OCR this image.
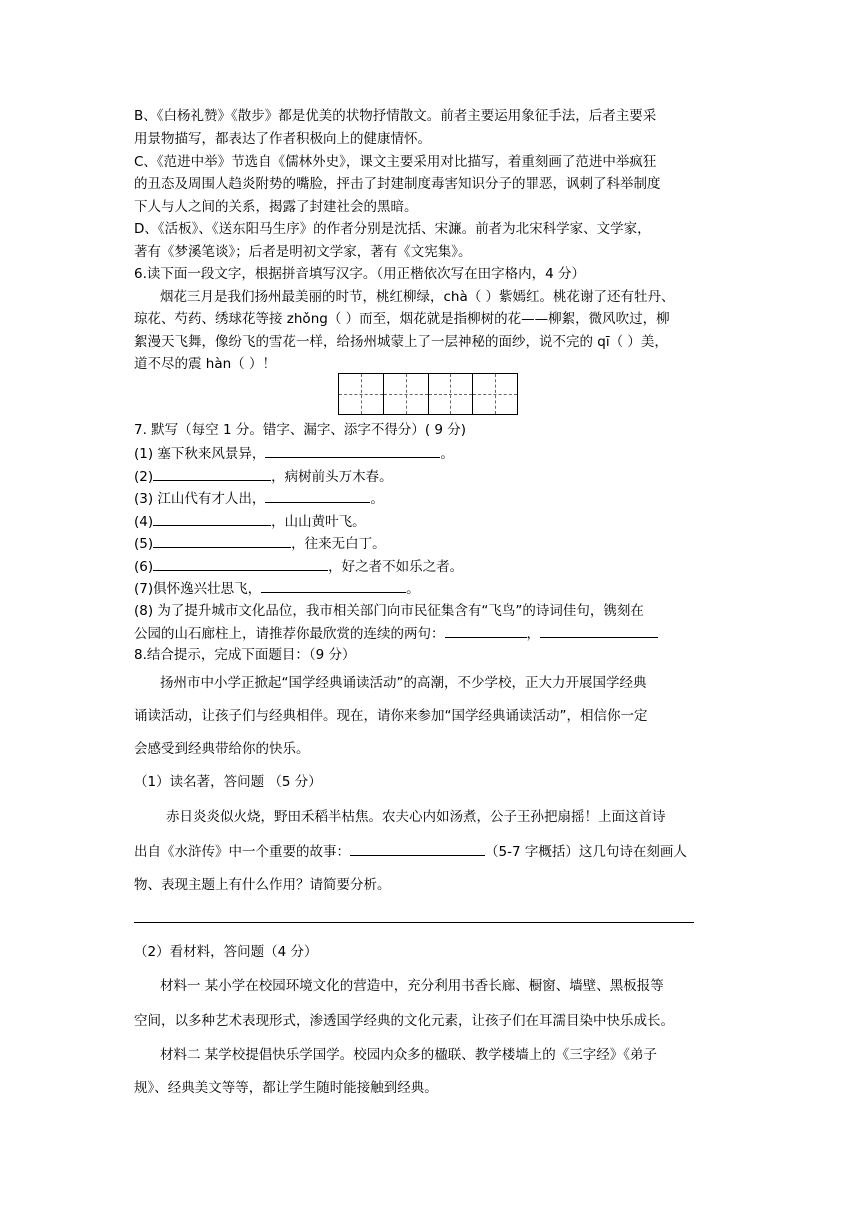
B、《白杨礼赞》《散步》都是优美的状物抒情散文。前者主要运用象征手法，后者主要采
用景物描写，都表达了作者积极向上的健康情怀。
C、《范进中举》节选自《儒林外史》，课文主要采用对比描写，着重刻画了范进中举疯狂
的丑态及周围人趋炎附势的嘴脸，抨击了封建制度毒害知识分子的罪恶，讽刺了科举制度
下人与人之间的关系，揭露了封建社会的黑暗。
D、《活板》、《送东阳马生序》的作者分别是沈括、宋濂。前者为北宋科学家、文学家，
著有《梦溪笔谈》；后者是明初文学家，著有《文宪集》。
6.读下面一段文字，根据拼音填写汉字。（用正楷依次写在田字格内，4 分）
烟花三月是我们扬州最美丽的时节，桃红柳绿，chà（ ）紫嫣红。桃花谢了还有牡丹、
琼花、芍药、绣球花等接 zhǒng（ ）而至，烟花就是指柳树的花——柳絮，微风吹过，柳
絮漫天飞舞，像纷飞的雪花一样，给扬州城蒙上了一层神秘的面纱，说不完的 qī（ ）美，
道不尽的震 hàn（ ）！
7. 默写（每空 1 分。错字、漏字、添字不得分）( 9 分)
(1) 塞下秋来风景异，	。
(2)	，病树前头万木春。
(3) 江山代有才人出，	。
(4)	，山山黄叶飞。
(5)	，往来无白丁。
(6)	，好之者不如乐之者。
(7)俱怀逸兴壮思飞，	。
(8) 为了提升城市文化品位，我市相关部门向市民征集含有“飞鸟”的诗词佳句，镌刻在
公园的山石廊柱上，请推荐你最欣赏的连续的两句：	，
8.结合提示，完成下面题目：（9 分）
扬州市中小学正掀起“国学经典诵读活动”的高潮，不少学校，正大力开展国学经典
诵读活动，让孩子们与经典相伴。现在，请你来参加“国学经典诵读活动”，相信你一定
会感受到经典带给你的快乐。
（1）读名著，答问题 （5 分）
赤日炎炎似火烧，野田禾稻半枯焦。农夫心内如汤煮，公子王孙把扇摇！上面这首诗
出自《水浒传》中一个重要的故事：	（5-7 字概括）这几句诗在刻画人
物、表现主题上有什么作用？请简要分析。
（2）看材料，答问题（4 分）
材料一 某小学在校园环境文化的营造中，充分利用书香长廊、橱窗、墙壁、黑板报等
空间，以多种艺术表现形式，渗透国学经典的文化元素，让孩子们在耳濡目染中快乐成长。
材料二 某学校提倡快乐学国学。校园内众多的楹联、教学楼墙上的《三字经》《弟子
规》、经典美文等等，都让学生随时能接触到经典。
